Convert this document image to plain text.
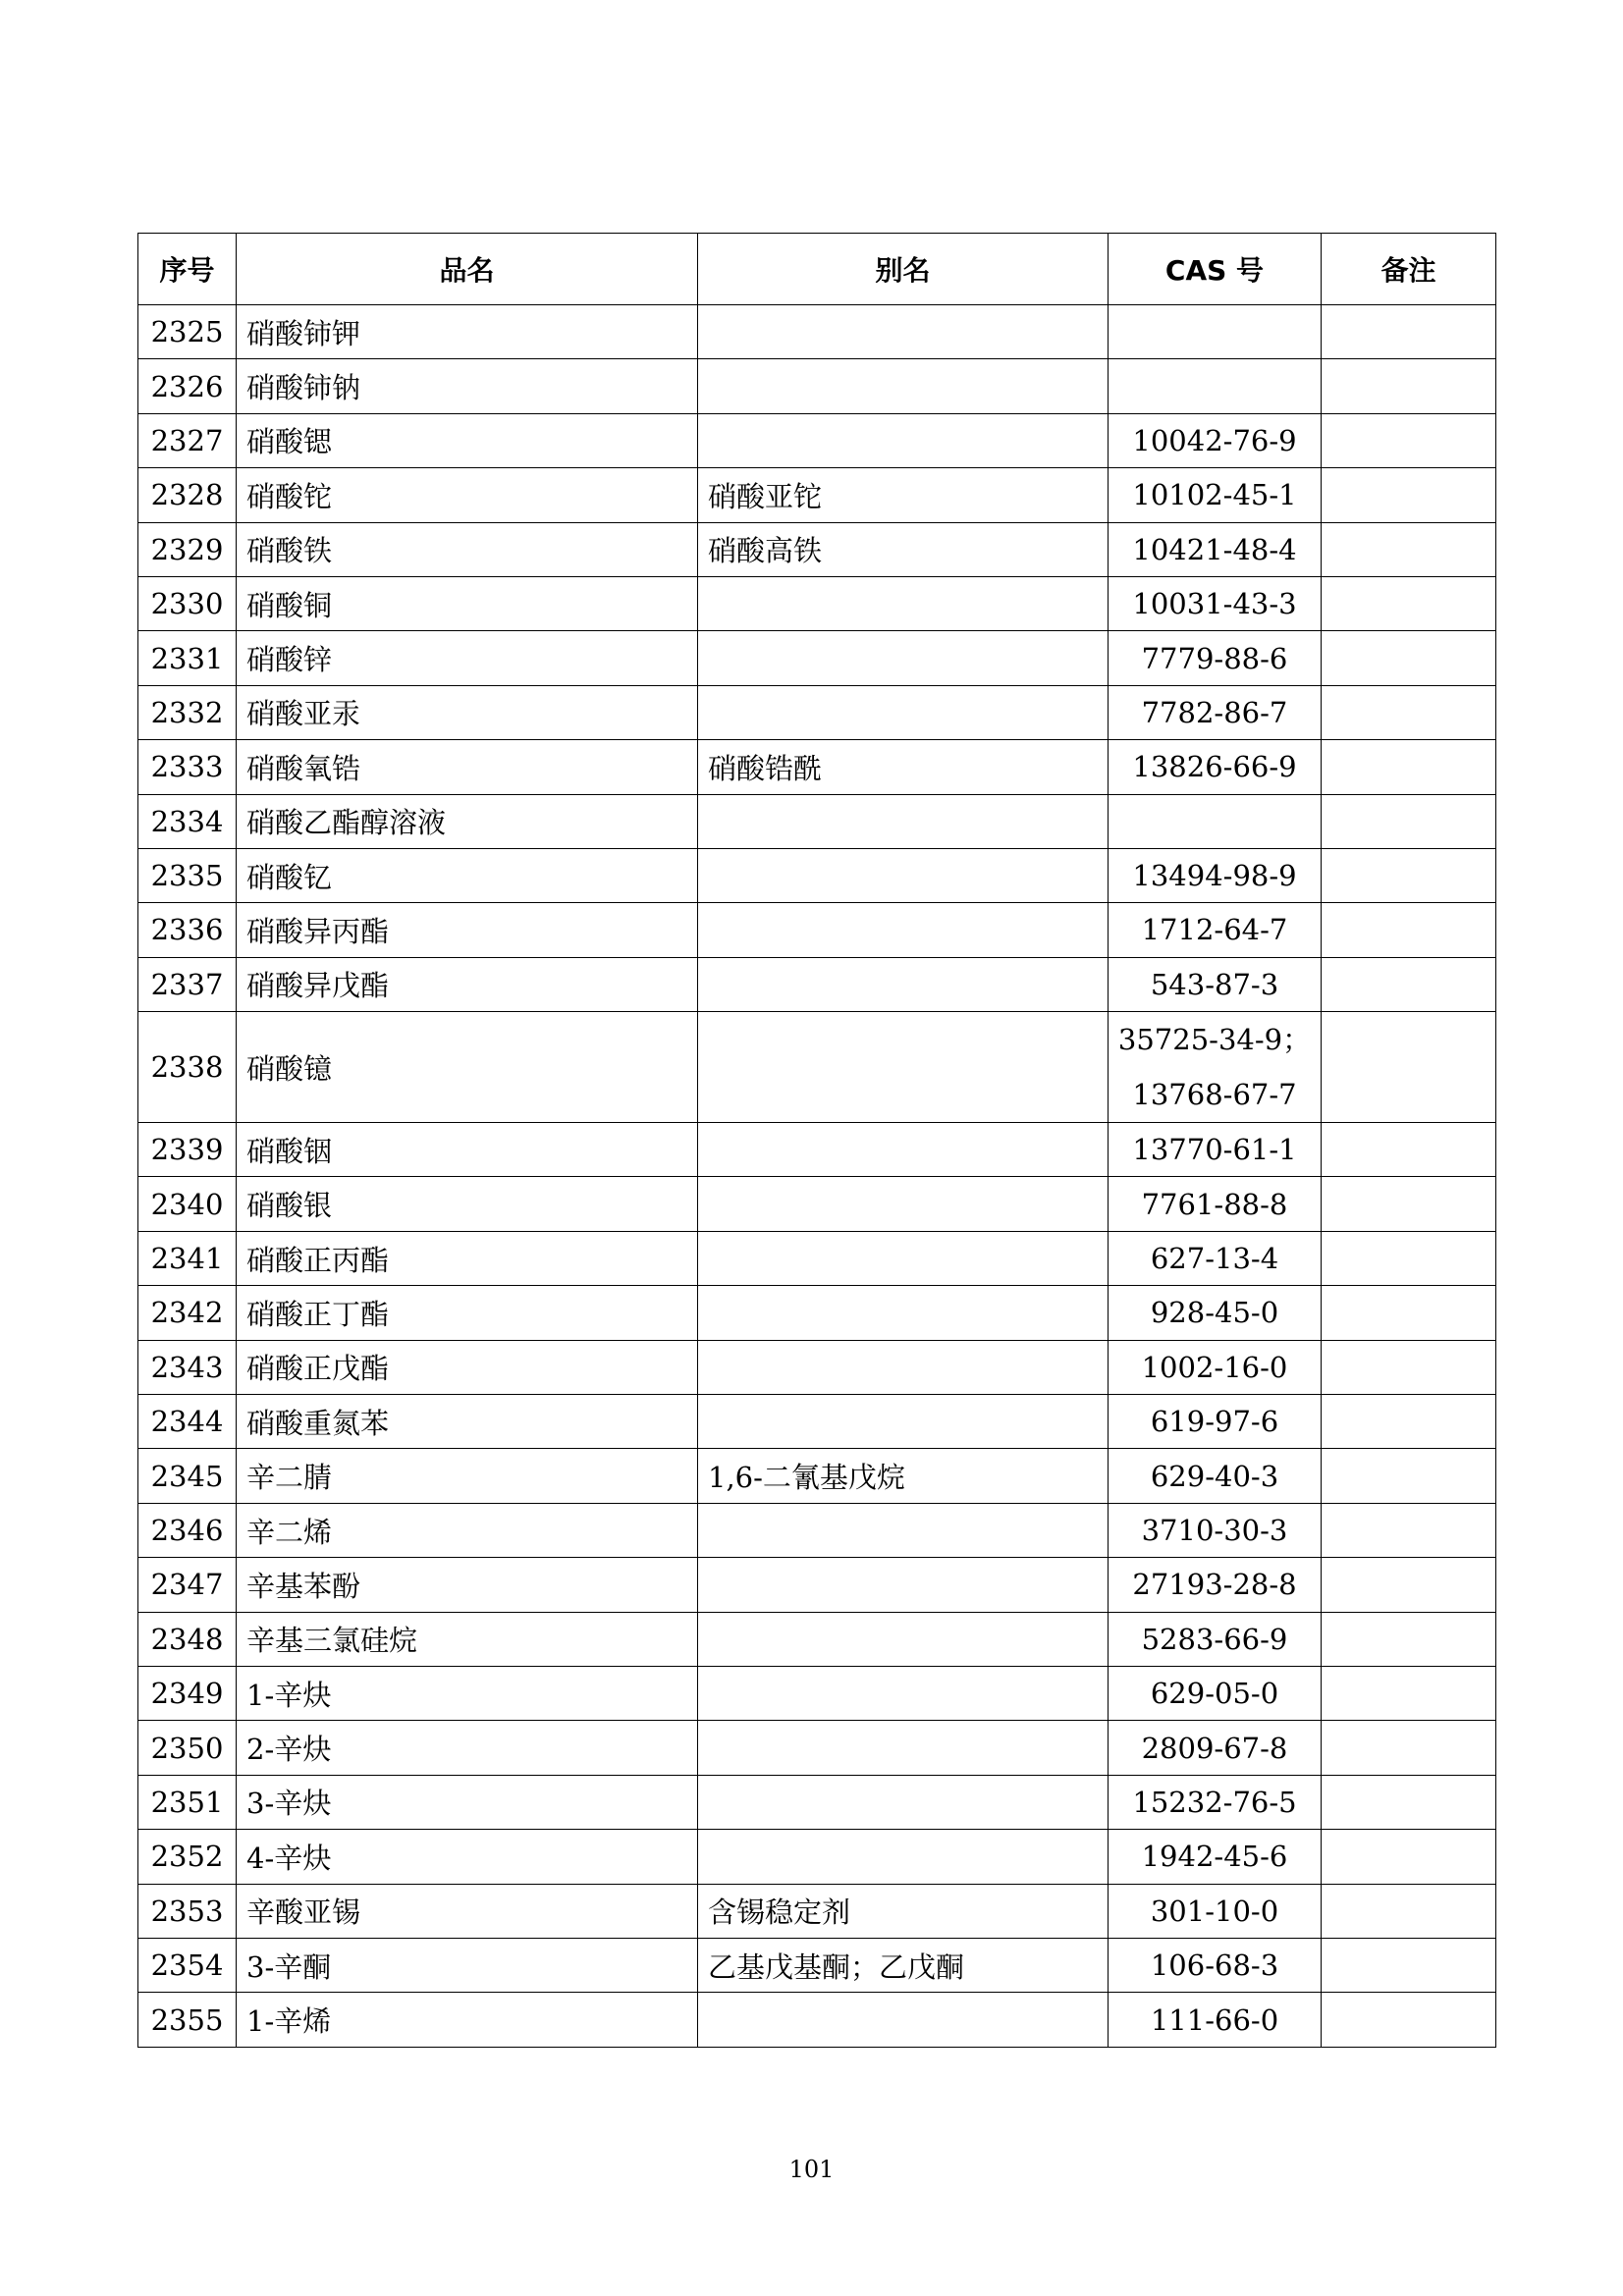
序号	品名	别名	CAS 号	备注
2325	硝酸铈钾			
2326	硝酸铈钠			
2327	硝酸锶		10042-76-9	
2328	硝酸铊	硝酸亚铊	10102-45-1	
2329	硝酸铁	硝酸高铁	10421-48-4	
2330	硝酸铜		10031-43-3	
2331	硝酸锌		7779-88-6	
2332	硝酸亚汞		7782-86-7	
2333	硝酸氧锆	硝酸锆酰	13826-66-9	
2334	硝酸乙酯醇溶液			
2335	硝酸钇		13494-98-9	
2336	硝酸异丙酯		1712-64-7	
2337	硝酸异戊酯		543-87-3	
2338	硝酸镱		35725-34-9；
13768-67-7	

2339	硝酸铟		13770-61-1	
2340	硝酸银		7761-88-8	
2341	硝酸正丙酯		627-13-4	
2342	硝酸正丁酯		928-45-0	
2343	硝酸正戊酯		1002-16-0	
2344	硝酸重氮苯		619-97-6	
2345	辛二腈	1,6-二氰基戊烷	629-40-3	
2346	辛二烯		3710-30-3	
2347	辛基苯酚		27193-28-8	
2348	辛基三氯硅烷		5283-66-9	
2349	1-辛炔		629-05-0	
2350	2-辛炔		2809-67-8	
2351	3-辛炔		15232-76-5	
2352	4-辛炔		1942-45-6	
2353	辛酸亚锡	含锡稳定剂	301-10-0	
2354	3-辛酮	乙基戊基酮；乙戊酮	106-68-3	
2355	1-辛烯		111-66-0	
101
